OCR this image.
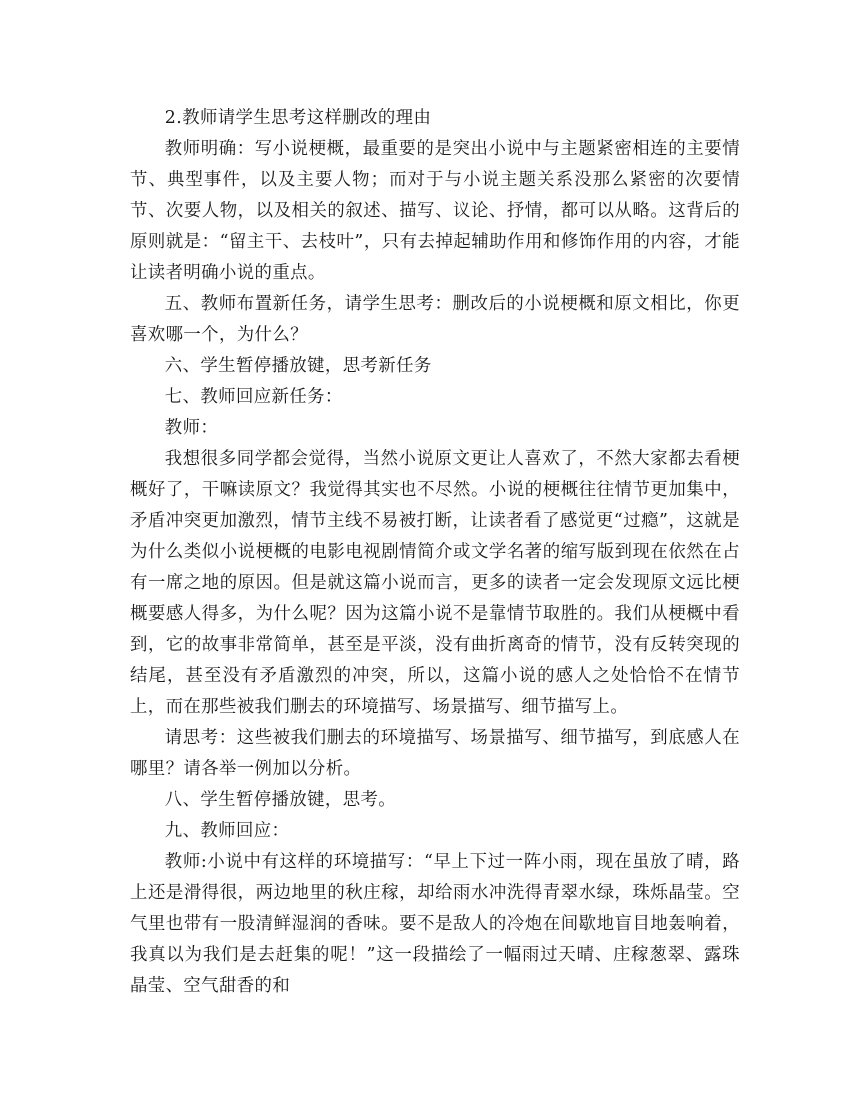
2.教师请学生思考这样删改的理由

教师明确：写小说梗概，最重要的是突出小说中与主题紧密相连的主要情节、典型事件，以及主要人物；而对于与小说主题关系没那么紧密的次要情节、次要人物，以及相关的叙述、描写、议论、抒情，都可以从略。这背后的原则就是：“留主干、去枝叶”，只有去掉起辅助作用和修饰作用的内容，才能让读者明确小说的重点。

五、教师布置新任务，请学生思考：删改后的小说梗概和原文相比，你更喜欢哪一个，为什么？

六、学生暂停播放键，思考新任务

七、教师回应新任务：

教师：

我想很多同学都会觉得，当然小说原文更让人喜欢了，不然大家都去看梗概好了，干嘛读原文？我觉得其实也不尽然。小说的梗概往往情节更加集中，矛盾冲突更加激烈，情节主线不易被打断，让读者看了感觉更“过瘾”，这就是为什么类似小说梗概的电影电视剧情简介或文学名著的缩写版到现在依然在占有一席之地的原因。但是就这篇小说而言，更多的读者一定会发现原文远比梗概要感人得多，为什么呢？因为这篇小说不是靠情节取胜的。我们从梗概中看到，它的故事非常简单，甚至是平淡，没有曲折离奇的情节，没有反转突现的结尾，甚至没有矛盾激烈的冲突，所以，这篇小说的感人之处恰恰不在情节上，而在那些被我们删去的环境描写、场景描写、细节描写上。

请思考：这些被我们删去的环境描写、场景描写、细节描写，到底感人在哪里？请各举一例加以分析。

八、学生暂停播放键，思考。

九、教师回应：

教师:小说中有这样的环境描写：“早上下过一阵小雨，现在虽放了晴，路上还是滑得很，两边地里的秋庄稼，却给雨水冲洗得青翠水绿，珠烁晶莹。空气里也带有一股清鲜湿润的香味。要不是敌人的冷炮在间歇地盲目地轰响着，我真以为我们是去赶集的呢！”这一段描绘了一幅雨过天晴、庄稼葱翠、露珠晶莹、空气甜香的和
